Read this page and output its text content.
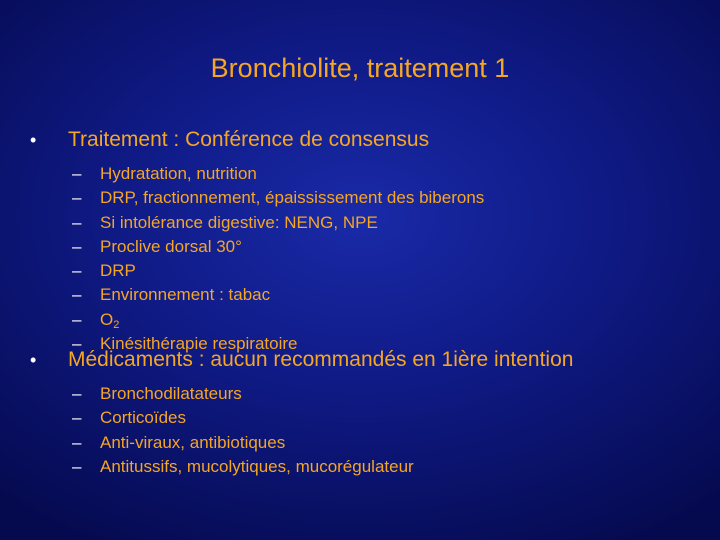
Bronchiolite, traitement 1
•	Traitement : Conférence de consensus
–	Hydratation, nutrition
–	DRP, fractionnement, épaississement des biberons
–	Si intolérance digestive: NENG, NPE
–	Proclive dorsal 30°
–	DRP
–	Environnement : tabac
–	$O_2$
–	Kinésithérapie respiratoire
•	Médicaments : aucun recommandés en 1ière intention
–	Bronchodilatateurs
–	Corticoïdes
–	Anti-viraux, antibiotiques
–	Antitussifs, mucolytiques, mucorégulateur
